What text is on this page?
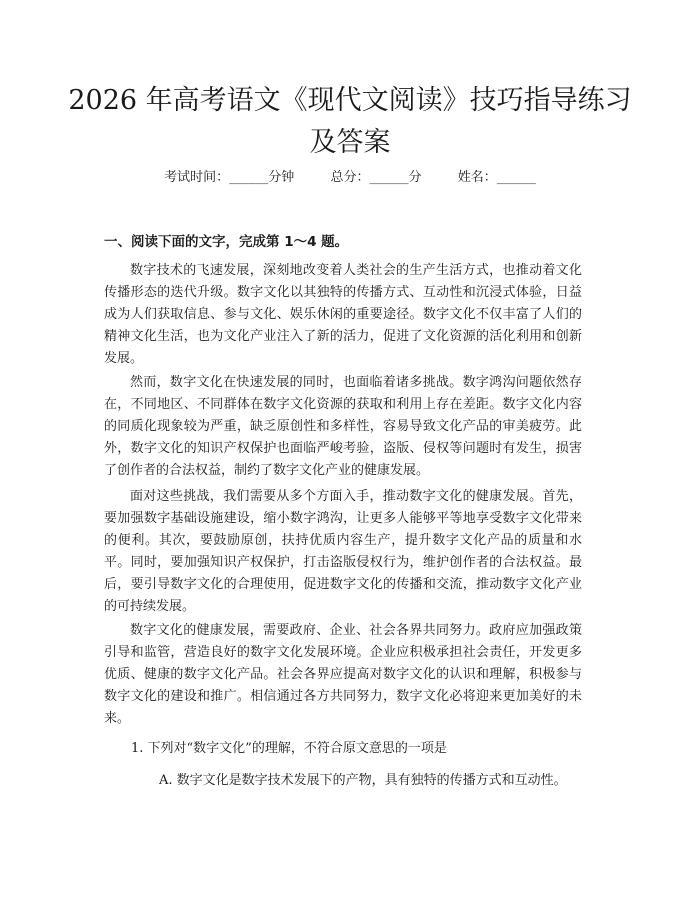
2026 年高考语文《现代文阅读》技巧指导练习及答案
考试时间：______分钟	总分：______分	姓名：______
一、阅读下面的文字，完成第 1～4 题。

数字技术的飞速发展，深刻地改变着人类社会的生产生活方式，也推动着文化传播形态的迭代升级。数字文化以其独特的传播方式、互动性和沉浸式体验，日益成为人们获取信息、参与文化、娱乐休闲的重要途径。数字文化不仅丰富了人们的精神文化生活，也为文化产业注入了新的活力，促进了文化资源的活化利用和创新发展。

然而，数字文化在快速发展的同时，也面临着诸多挑战。数字鸿沟问题依然存在，不同地区、不同群体在数字文化资源的获取和利用上存在差距。数字文化内容的同质化现象较为严重，缺乏原创性和多样性，容易导致文化产品的审美疲劳。此外，数字文化的知识产权保护也面临严峻考验，盗版、侵权等问题时有发生，损害了创作者的合法权益，制约了数字文化产业的健康发展。

面对这些挑战，我们需要从多个方面入手，推动数字文化的健康发展。首先，要加强数字基础设施建设，缩小数字鸿沟，让更多人能够平等地享受数字文化带来的便利。其次，要鼓励原创，扶持优质内容生产，提升数字文化产品的质量和水平。同时，要加强知识产权保护，打击盗版侵权行为，维护创作者的合法权益。最后，要引导数字文化的合理使用，促进数字文化的传播和交流，推动数字文化产业的可持续发展。

数字文化的健康发展，需要政府、企业、社会各界共同努力。政府应加强政策引导和监管，营造良好的数字文化发展环境。企业应积极承担社会责任，开发更多优质、健康的数字文化产品。社会各界应提高对数字文化的认识和理解，积极参与数字文化的建设和推广。相信通过各方共同努力，数字文化必将迎来更加美好的未来。

1. 下列对“数字文化”的理解，不符合原文意思的一项是
A. 数字文化是数字技术发展下的产物，具有独特的传播方式和互动性。
